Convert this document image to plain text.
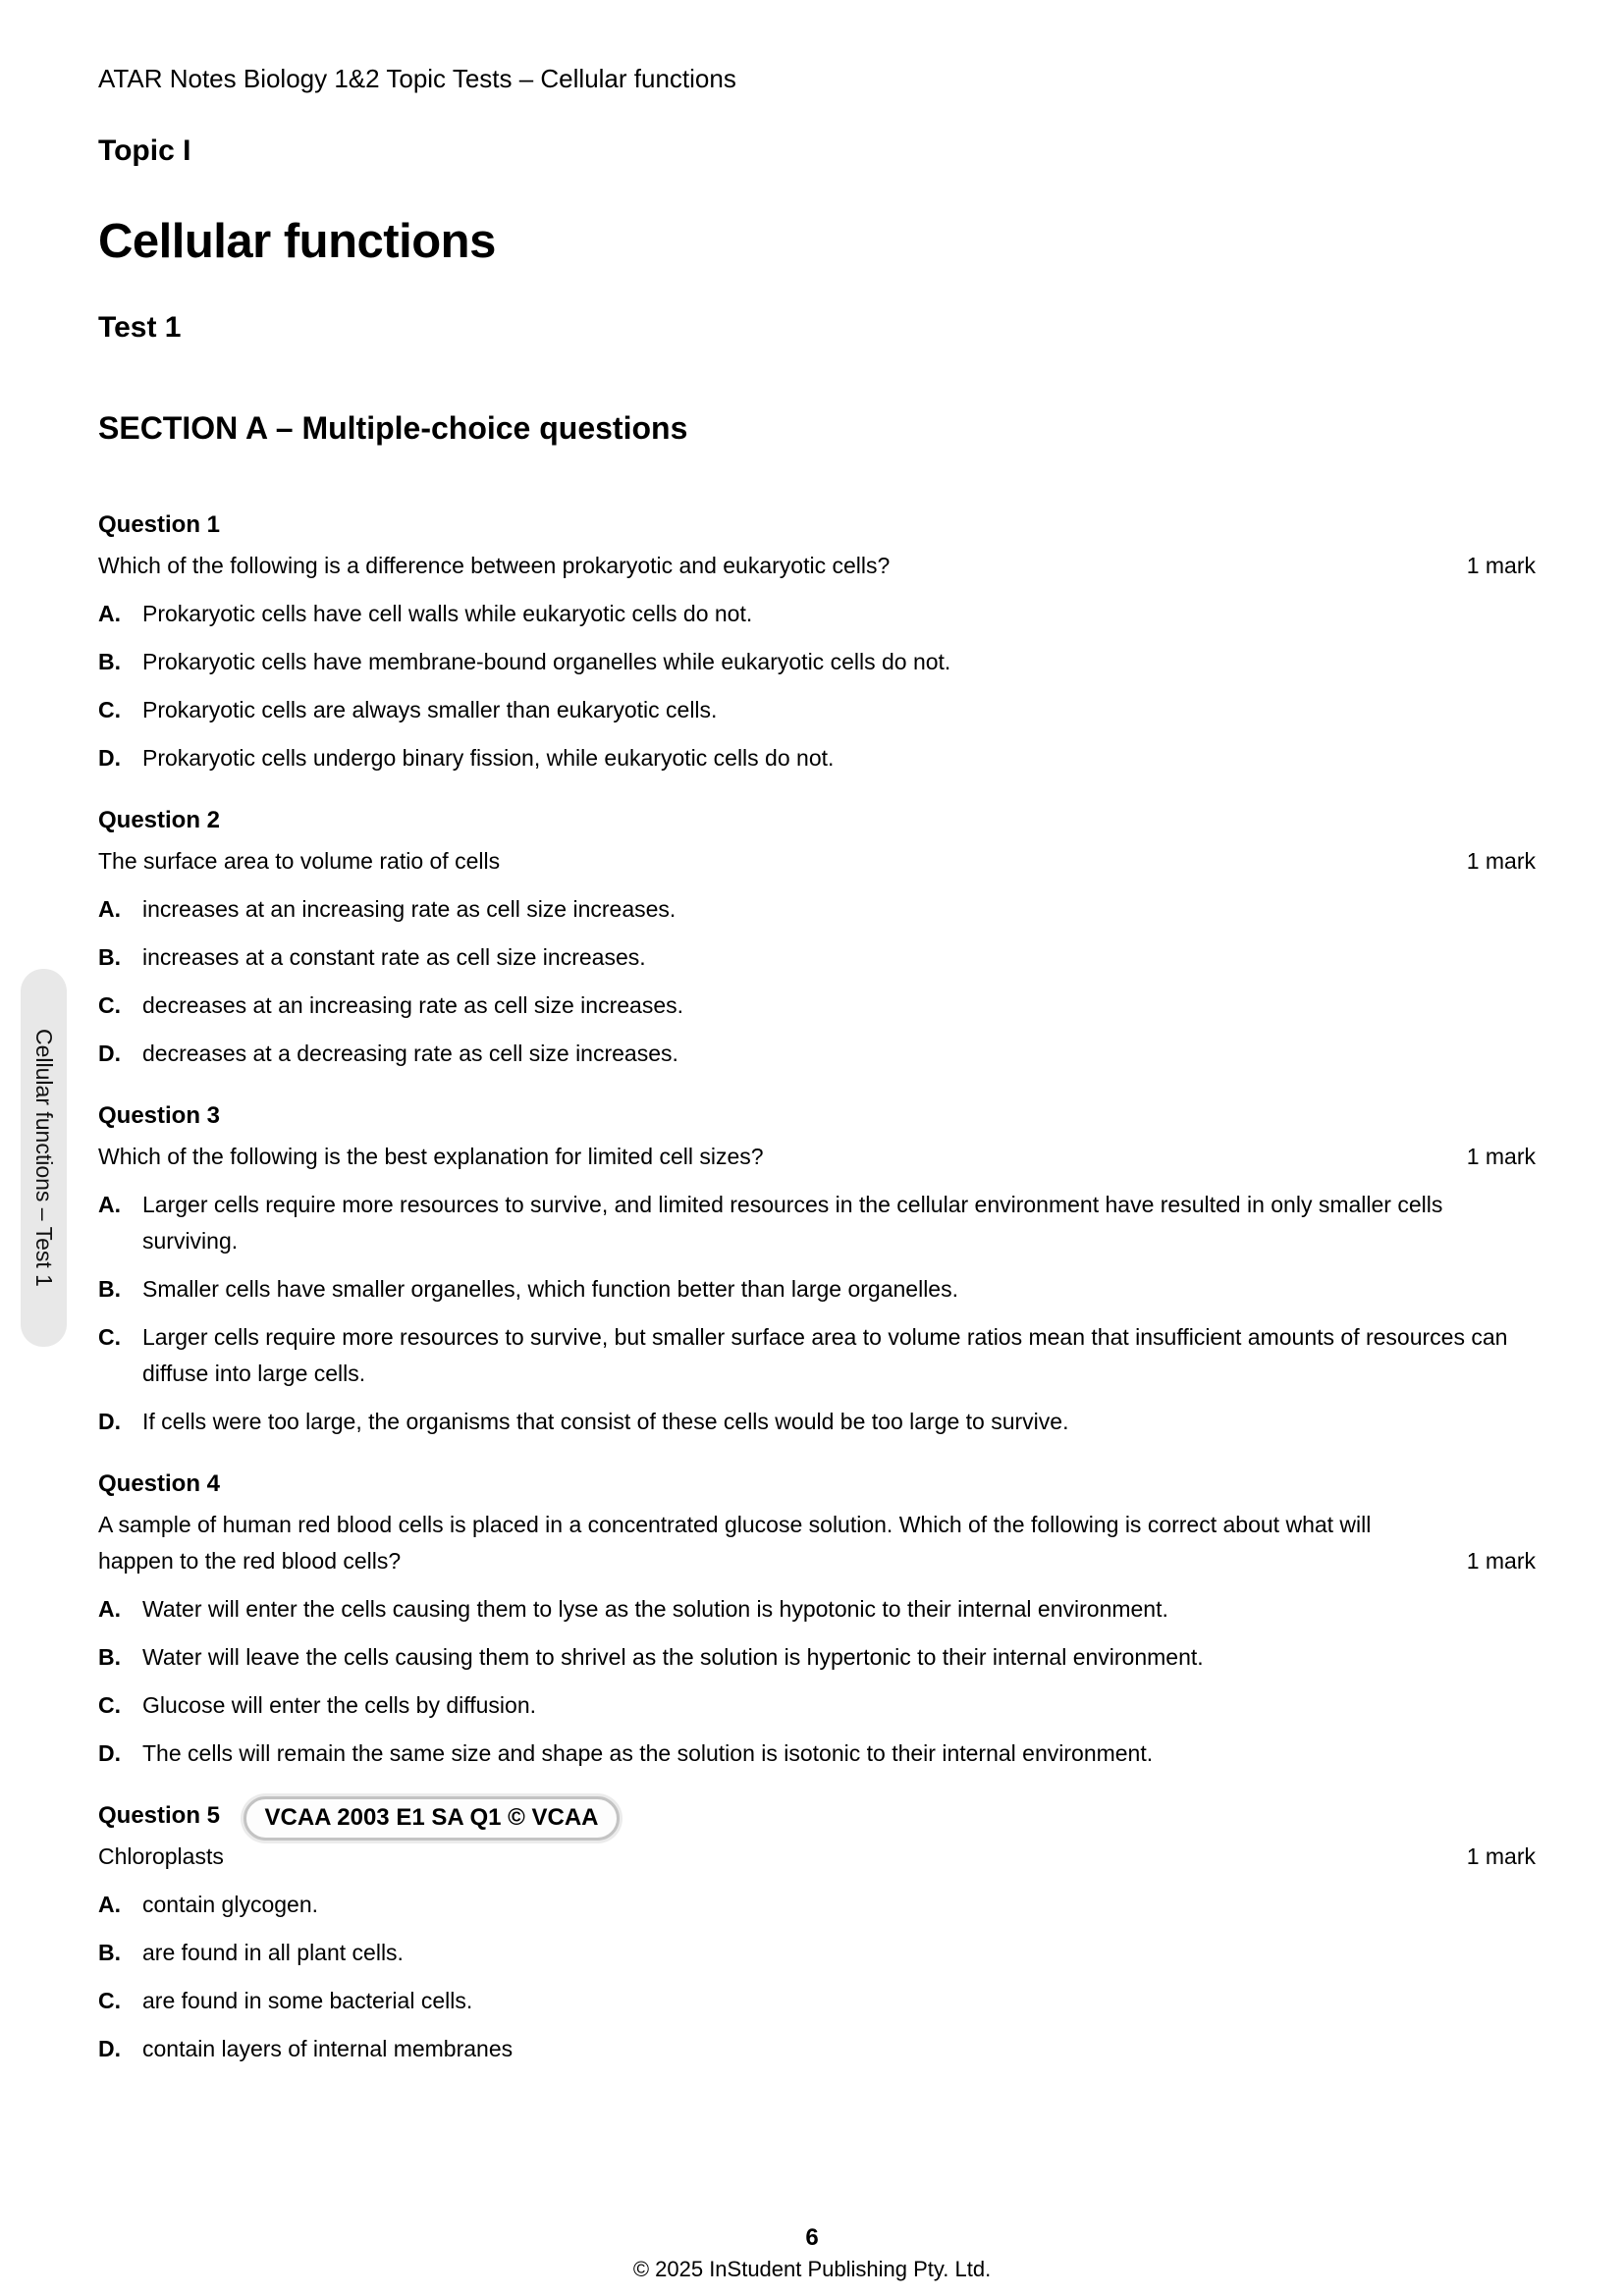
Cellular functions – Test 1
ATAR Notes Biology 1&2 Topic Tests – Cellular functions
Topic I
Cellular functions
Test 1
SECTION A – Multiple-choice questions
Question 1

Which of the following is a difference between prokaryotic and eukaryotic cells?	1 mark
A. Prokaryotic cells have cell walls while eukaryotic cells do not.
B. Prokaryotic cells have membrane-bound organelles while eukaryotic cells do not.
C. Prokaryotic cells are always smaller than eukaryotic cells.
D. Prokaryotic cells undergo binary fission, while eukaryotic cells do not.
Question 2

The surface area to volume ratio of cells	1 mark
A. increases at an increasing rate as cell size increases.
B. increases at a constant rate as cell size increases.
C. decreases at an increasing rate as cell size increases.
D. decreases at a decreasing rate as cell size increases.
Question 3

Which of the following is the best explanation for limited cell sizes?	1 mark
A. Larger cells require more resources to survive, and limited resources in the cellular environment have resulted in only smaller cells surviving.
B. Smaller cells have smaller organelles, which function better than large organelles.
C. Larger cells require more resources to survive, but smaller surface area to volume ratios mean that insufficient amounts of resources can diffuse into large cells.
D. If cells were too large, the organisms that consist of these cells would be too large to survive.
Question 4

A sample of human red blood cells is placed in a concentrated glucose solution. Which of the following is correct about what will happen to the red blood cells?	1 mark
A. Water will enter the cells causing them to lyse as the solution is hypotonic to their internal environment.
B. Water will leave the cells causing them to shrivel as the solution is hypertonic to their internal environment.
C. Glucose will enter the cells by diffusion.
D. The cells will remain the same size and shape as the solution is isotonic to their internal environment.
Question 5 VCAA 2003 E1 SA Q1 © VCAA

Chloroplasts	1 mark
A. contain glycogen.
B. are found in all plant cells.
C. are found in some bacterial cells.
D. contain layers of internal membranes
6
© 2025 InStudent Publishing Pty. Ltd.
